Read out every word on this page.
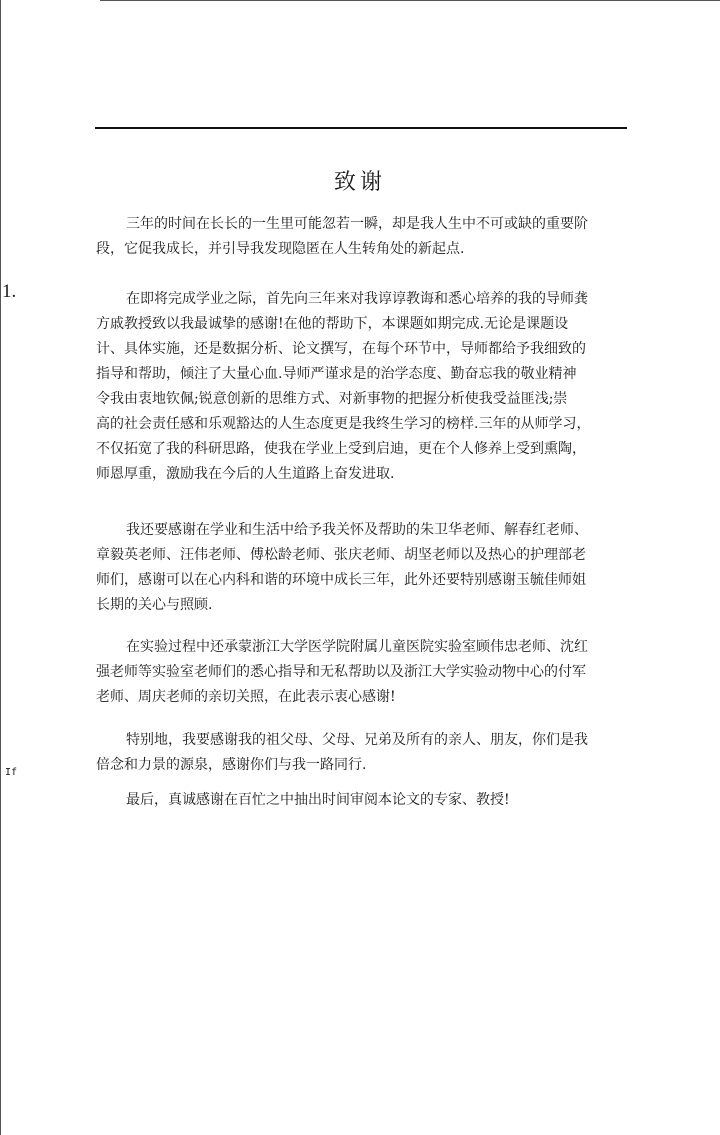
1.
If
致谢

三年的时间在长长的一生里可能忽若一瞬，却是我人生中不可或缺的重要阶
段，它促我成长，并引导我发现隐匿在人生转角处的新起点.

在即将完成学业之际，首先向三年来对我谆谆教诲和悉心培养的我的导师龚
方戚教授致以我最诚挚的感谢!在他的帮助下，本课题如期完成.无论是课题设
计、具体实施，还是数据分析、论文撰写，在每个环节中，导师都给予我细致的
指导和帮助，倾注了大量心血.导师严谨求是的治学态度、勤奋忘我的敬业精神
令我由衷地钦佩;锐意创新的思维方式、对新事物的把握分析使我受益匪浅;崇
高的社会责任感和乐观豁达的人生态度更是我终生学习的榜样.三年的从师学习，
不仅拓宽了我的科研思路，使我在学业上受到启迪，更在个人修养上受到熏陶，
师恩厚重，激励我在今后的人生道路上奋发进取.

我还要感谢在学业和生活中给予我关怀及帮助的朱卫华老师、解春红老师、
章毅英老师、汪伟老师、傅松龄老师、张庆老师、胡坚老师以及热心的护理部老
师们，感谢可以在心内科和谐的环境中成长三年，此外还要特别感谢玉毓佳师姐
长期的关心与照顾.

在实验过程中还承蒙浙江大学医学院附属儿童医院实验室顾伟忠老师、沈红
强老师等实验室老师们的悉心指导和无私帮助以及浙江大学实验动物中心的付军
老师、周庆老师的亲切关照，在此表示衷心感谢!

特别地，我要感谢我的祖父母、父母、兄弟及所有的亲人、朋友，你们是我
倍念和力景的源泉，感谢你们与我一路同行.

最后，真诚感谢在百忙之中抽出时间审阅本论文的专家、教授!
